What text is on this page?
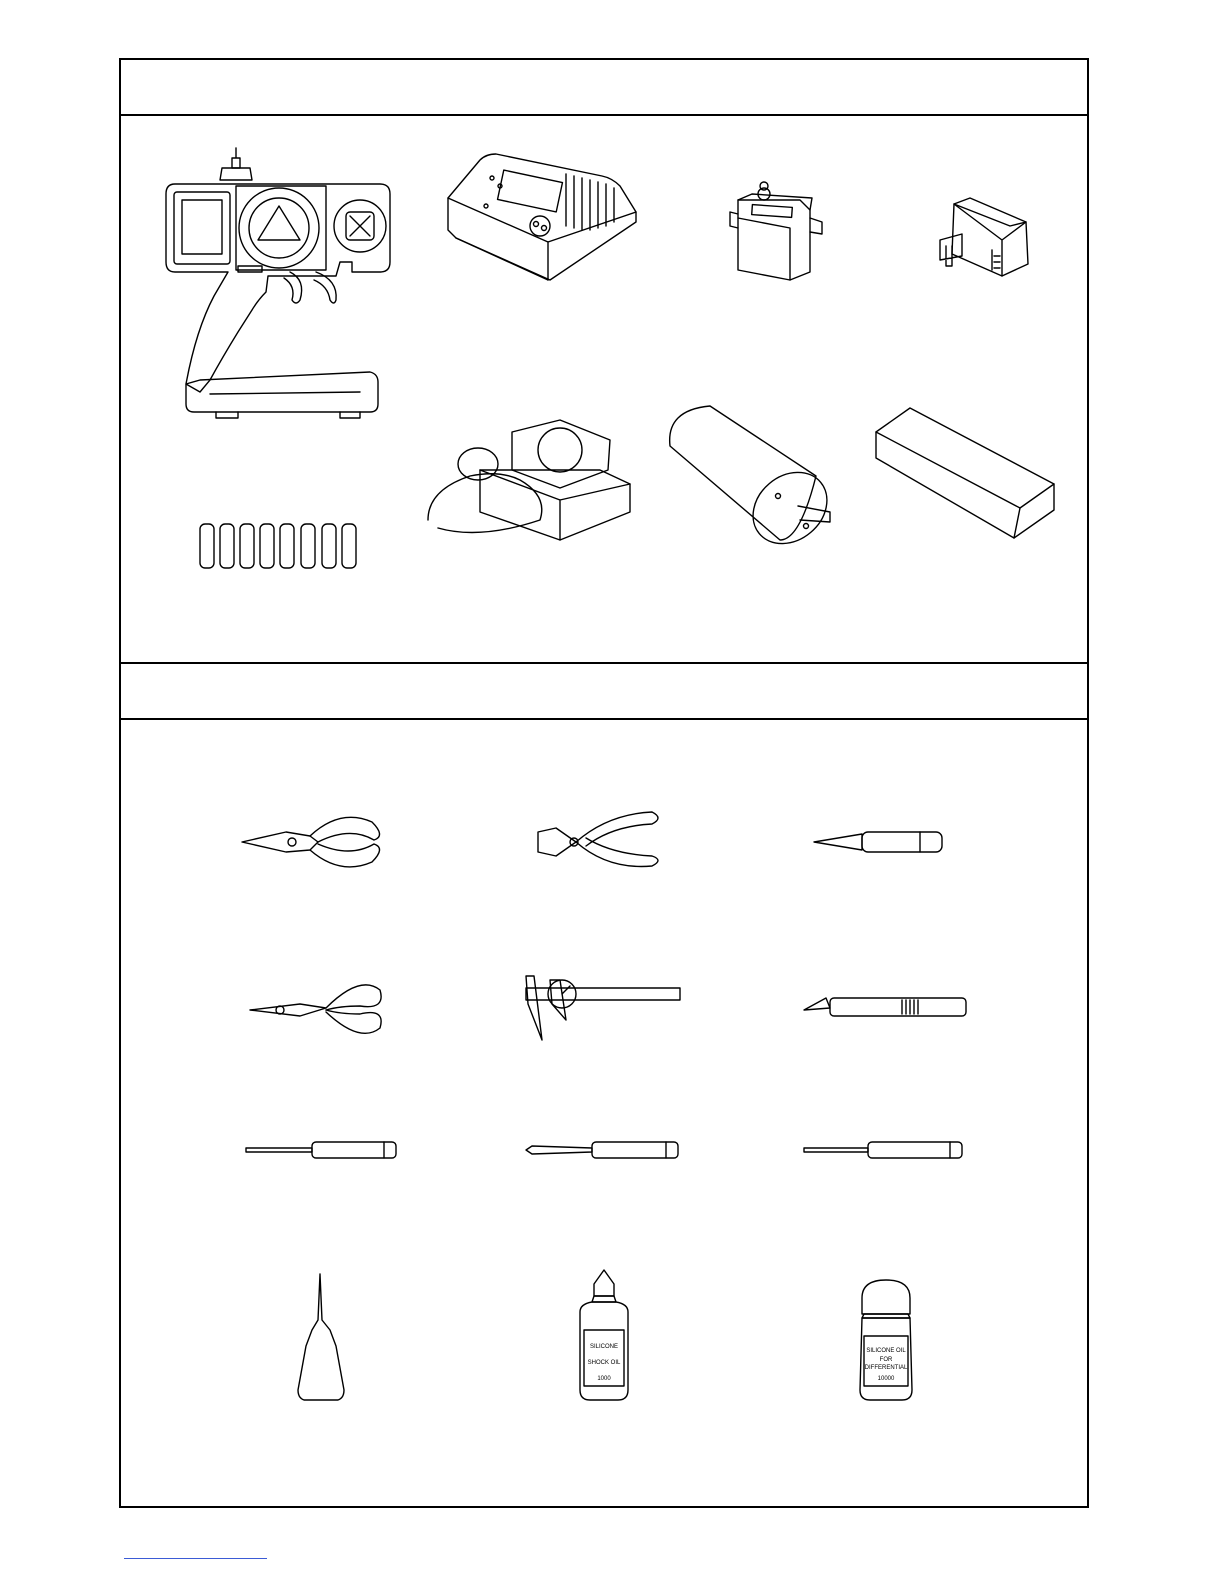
SILICONE
SHOCK OIL
1000
SILICONE OIL
FOR
DIFFERENTIAL
10000
